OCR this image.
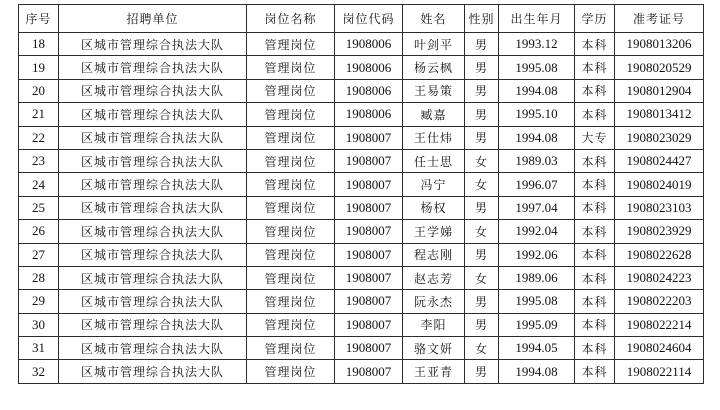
序号	招聘单位	岗位名称	岗位代码	姓名	性别	出生年月	学历	准考证号
18	区城市管理综合执法大队	管理岗位	1908006	叶剑平	男	1993.12	本科	1908013206
19	区城市管理综合执法大队	管理岗位	1908006	杨云枫	男	1995.08	本科	1908020529
20	区城市管理综合执法大队	管理岗位	1908006	王易策	男	1994.08	本科	1908012904
21	区城市管理综合执法大队	管理岗位	1908006	臧嘉	男	1995.10	本科	1908013412
22	区城市管理综合执法大队	管理岗位	1908007	王仕炜	男	1994.08	大专	1908023029
23	区城市管理综合执法大队	管理岗位	1908007	任士思	女	1989.03	本科	1908024427
24	区城市管理综合执法大队	管理岗位	1908007	冯宁	女	1996.07	本科	1908024019
25	区城市管理综合执法大队	管理岗位	1908007	杨权	男	1997.04	本科	1908023103
26	区城市管理综合执法大队	管理岗位	1908007	王学娣	女	1992.04	本科	1908023929
27	区城市管理综合执法大队	管理岗位	1908007	程志刚	男	1992.06	本科	1908022628
28	区城市管理综合执法大队	管理岗位	1908007	赵志芳	女	1989.06	本科	1908024223
29	区城市管理综合执法大队	管理岗位	1908007	阮永杰	男	1995.08	本科	1908022203
30	区城市管理综合执法大队	管理岗位	1908007	李阳	男	1995.09	本科	1908022214
31	区城市管理综合执法大队	管理岗位	1908007	骆文妍	女	1994.05	本科	1908024604
32	区城市管理综合执法大队	管理岗位	1908007	王亚青	男	1994.08	本科	1908022114
